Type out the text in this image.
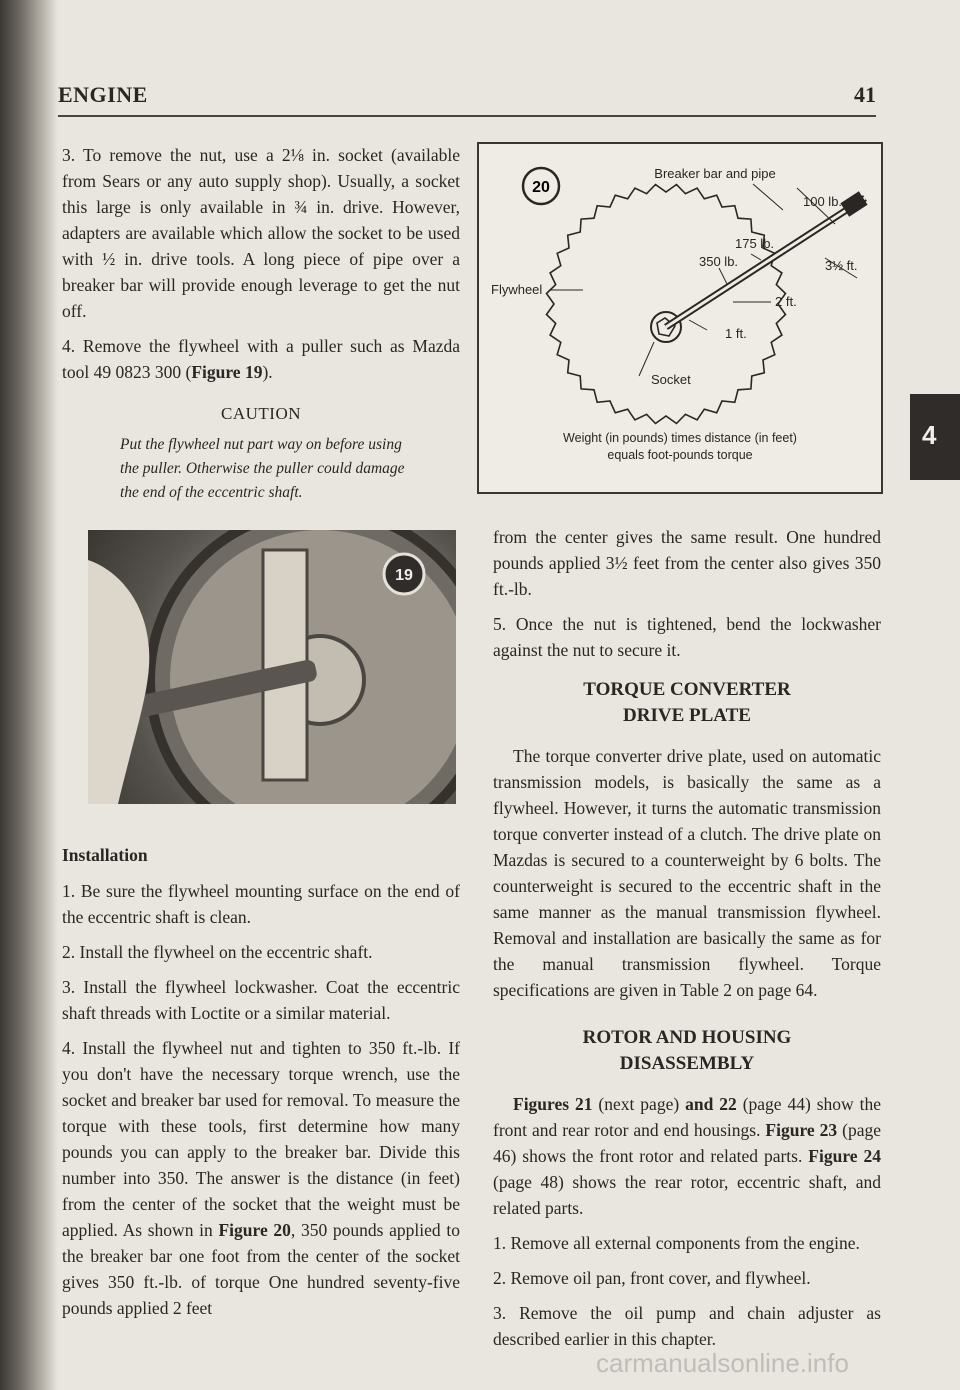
ENGINE	41
4

3. To remove the nut, use a 2⅛ in. socket (available from Sears or any auto supply shop). Usually, a socket this large is only available in ¾ in. drive. However, adapters are available which allow the socket to be used with ½ in. drive tools. A long piece of pipe over a breaker bar will provide enough leverage to get the nut off.

4. Remove the flywheel with a puller such as Mazda tool 49 0823 300 (Figure 19).

CAUTION

Put the flywheel nut part way on before using the puller. Otherwise the puller could damage the end of the eccentric shaft.

19
Installation

1. Be sure the flywheel mounting surface on the end of the eccentric shaft is clean.

2. Install the flywheel on the eccentric shaft.

3. Install the flywheel lockwasher. Coat the eccentric shaft threads with Loctite or a similar material.

4. Install the flywheel nut and tighten to 350 ft.-lb. If you don't have the necessary torque wrench, use the socket and breaker bar used for removal. To measure the torque with these tools, first determine how many pounds you can apply to the breaker bar. Divide this number into 350. The answer is the distance (in feet) from the center of the socket that the weight must be applied. As shown in Figure 20, 350 pounds applied to the breaker bar one foot from the center of the socket gives 350 ft.-lb. of torque One hundred seventy-five pounds applied 2 feet

20
Breaker bar and pipe
100 lb.
175 lb.
350 lb.	3½ ft.
2 ft.
1 ft.
Flywheel
Socket
Weight (in pounds) times distance (in feet)
equals foot-pounds torque

from the center gives the same result. One hundred pounds applied 3½ feet from the center also gives 350 ft.-lb.

5. Once the nut is tightened, bend the lockwasher against the nut to secure it.

TORQUE CONVERTER
DRIVE PLATE

The torque converter drive plate, used on automatic transmission models, is basically the same as a flywheel. However, it turns the automatic transmission torque converter instead of a clutch. The drive plate on Mazdas is secured to a counterweight by 6 bolts. The counterweight is secured to the eccentric shaft in the same manner as the manual transmission flywheel. Removal and installation are basically the same as for the manual transmission flywheel. Torque specifications are given in Table 2 on page 64.

ROTOR AND HOUSING
DISASSEMBLY

Figures 21 (next page) and 22 (page 44) show the front and rear rotor and end housings. Figure 23 (page 46) shows the front rotor and related parts. Figure 24 (page 48) shows the rear rotor, eccentric shaft, and related parts.

1. Remove all external components from the engine.

2. Remove oil pan, front cover, and flywheel.

3. Remove the oil pump and chain adjuster as described earlier in this chapter.

carmanualsonline.info
